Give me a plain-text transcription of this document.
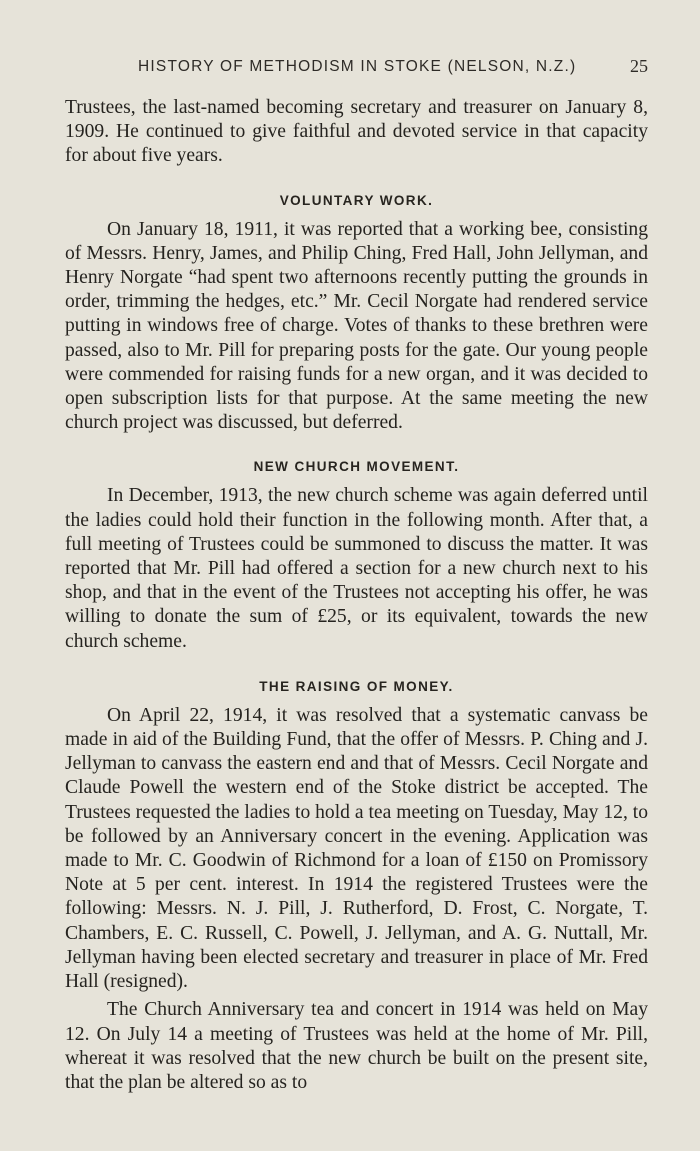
HISTORY OF METHODISM IN STOKE (NELSON, N.Z.)	25

Trustees, the last-named becoming secretary and treasurer on January 8, 1909. He continued to give faithful and devoted service in that capacity for about five years.

VOLUNTARY WORK.

On January 18, 1911, it was reported that a working bee, consisting of Messrs. Henry, James, and Philip Ching, Fred Hall, John Jellyman, and Henry Norgate “had spent two afternoons recently putting the grounds in order, trimming the hedges, etc.” Mr. Cecil Norgate had rendered service putting in windows free of charge. Votes of thanks to these brethren were passed, also to Mr. Pill for preparing posts for the gate. Our young people were commended for raising funds for a new organ, and it was decided to open subscription lists for that purpose. At the same meeting the new church project was discussed, but deferred.

NEW CHURCH MOVEMENT.

In December, 1913, the new church scheme was again deferred until the ladies could hold their function in the following month. After that, a full meeting of Trustees could be summoned to discuss the matter. It was reported that Mr. Pill had offered a section for a new church next to his shop, and that in the event of the Trustees not accepting his offer, he was willing to donate the sum of £25, or its equivalent, towards the new church scheme.

THE RAISING OF MONEY.

On April 22, 1914, it was resolved that a systematic canvass be made in aid of the Building Fund, that the offer of Messrs. P. Ching and J. Jellyman to canvass the eastern end and that of Messrs. Cecil Norgate and Claude Powell the western end of the Stoke district be accepted. The Trustees requested the ladies to hold a tea meeting on Tuesday, May 12, to be followed by an Anniversary concert in the evening. Application was made to Mr. C. Goodwin of Richmond for a loan of £150 on Promissory Note at 5 per cent. interest. In 1914 the registered Trustees were the following: Messrs. N. J. Pill, J. Rutherford, D. Frost, C. Norgate, T. Chambers, E. C. Russell, C. Powell, J. Jellyman, and A. G. Nuttall, Mr. Jellyman having been elected secretary and treasurer in place of Mr. Fred Hall (resigned).

The Church Anniversary tea and concert in 1914 was held on May 12. On July 14 a meeting of Trustees was held at the home of Mr. Pill, whereat it was resolved that the new church be built on the present site, that the plan be altered so as to
